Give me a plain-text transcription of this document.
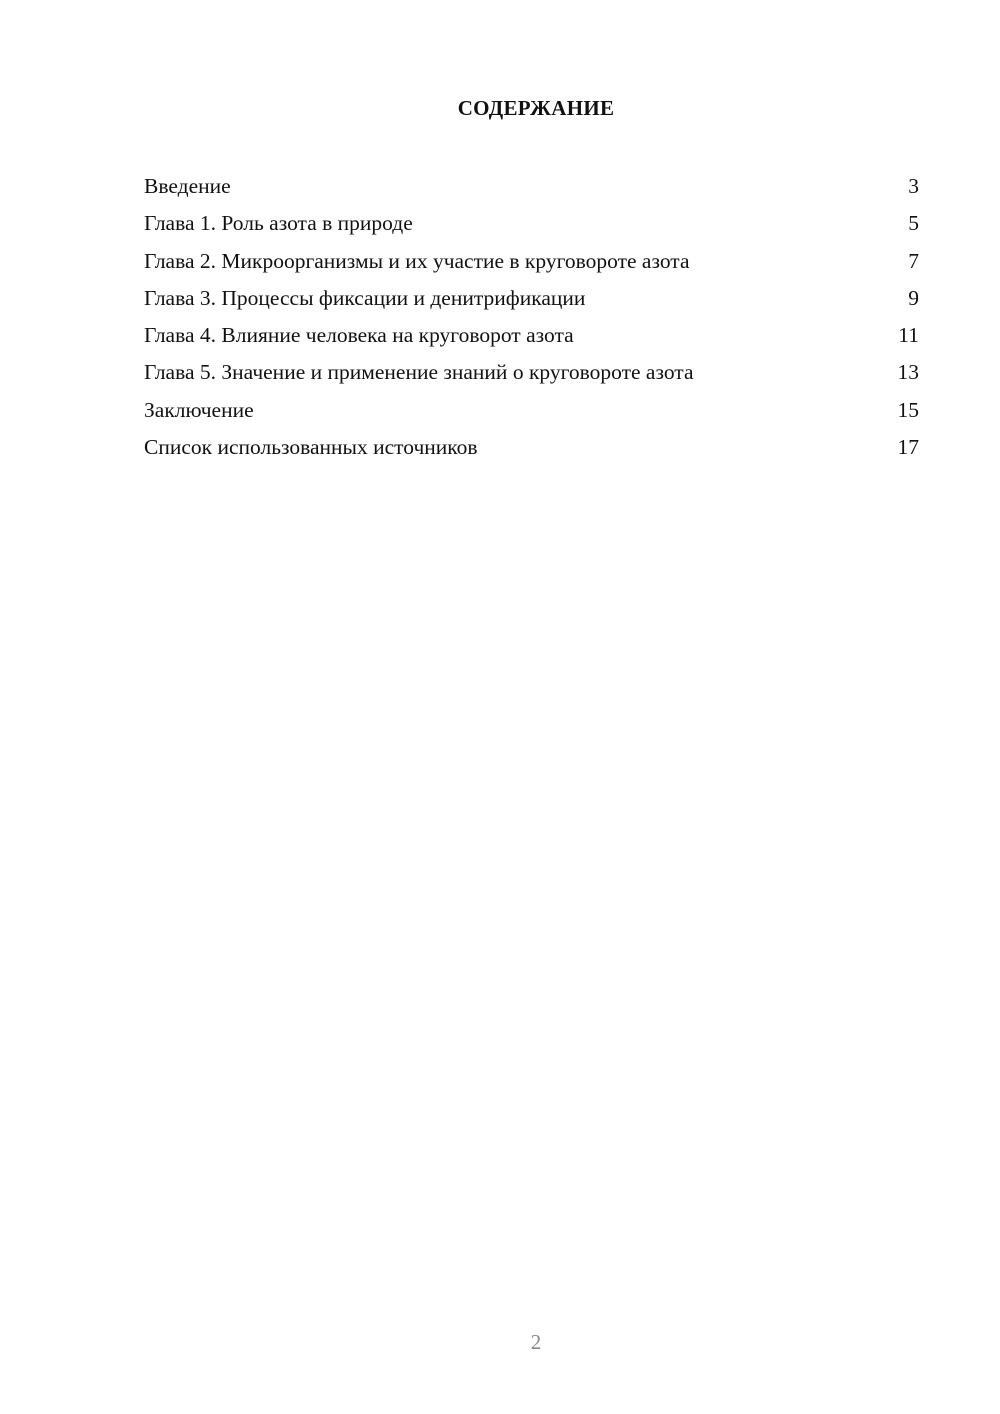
СОДЕРЖАНИЕ
Введение	3
Глава 1. Роль азота в природе	5
Глава 2. Микроорганизмы и их участие в круговороте азота	7
Глава 3. Процессы фиксации и денитрификации	9
Глава 4. Влияние человека на круговорот азота	11
Глава 5. Значение и применение знаний о круговороте азота	13
Заключение	15
Список использованных источников	17
2
